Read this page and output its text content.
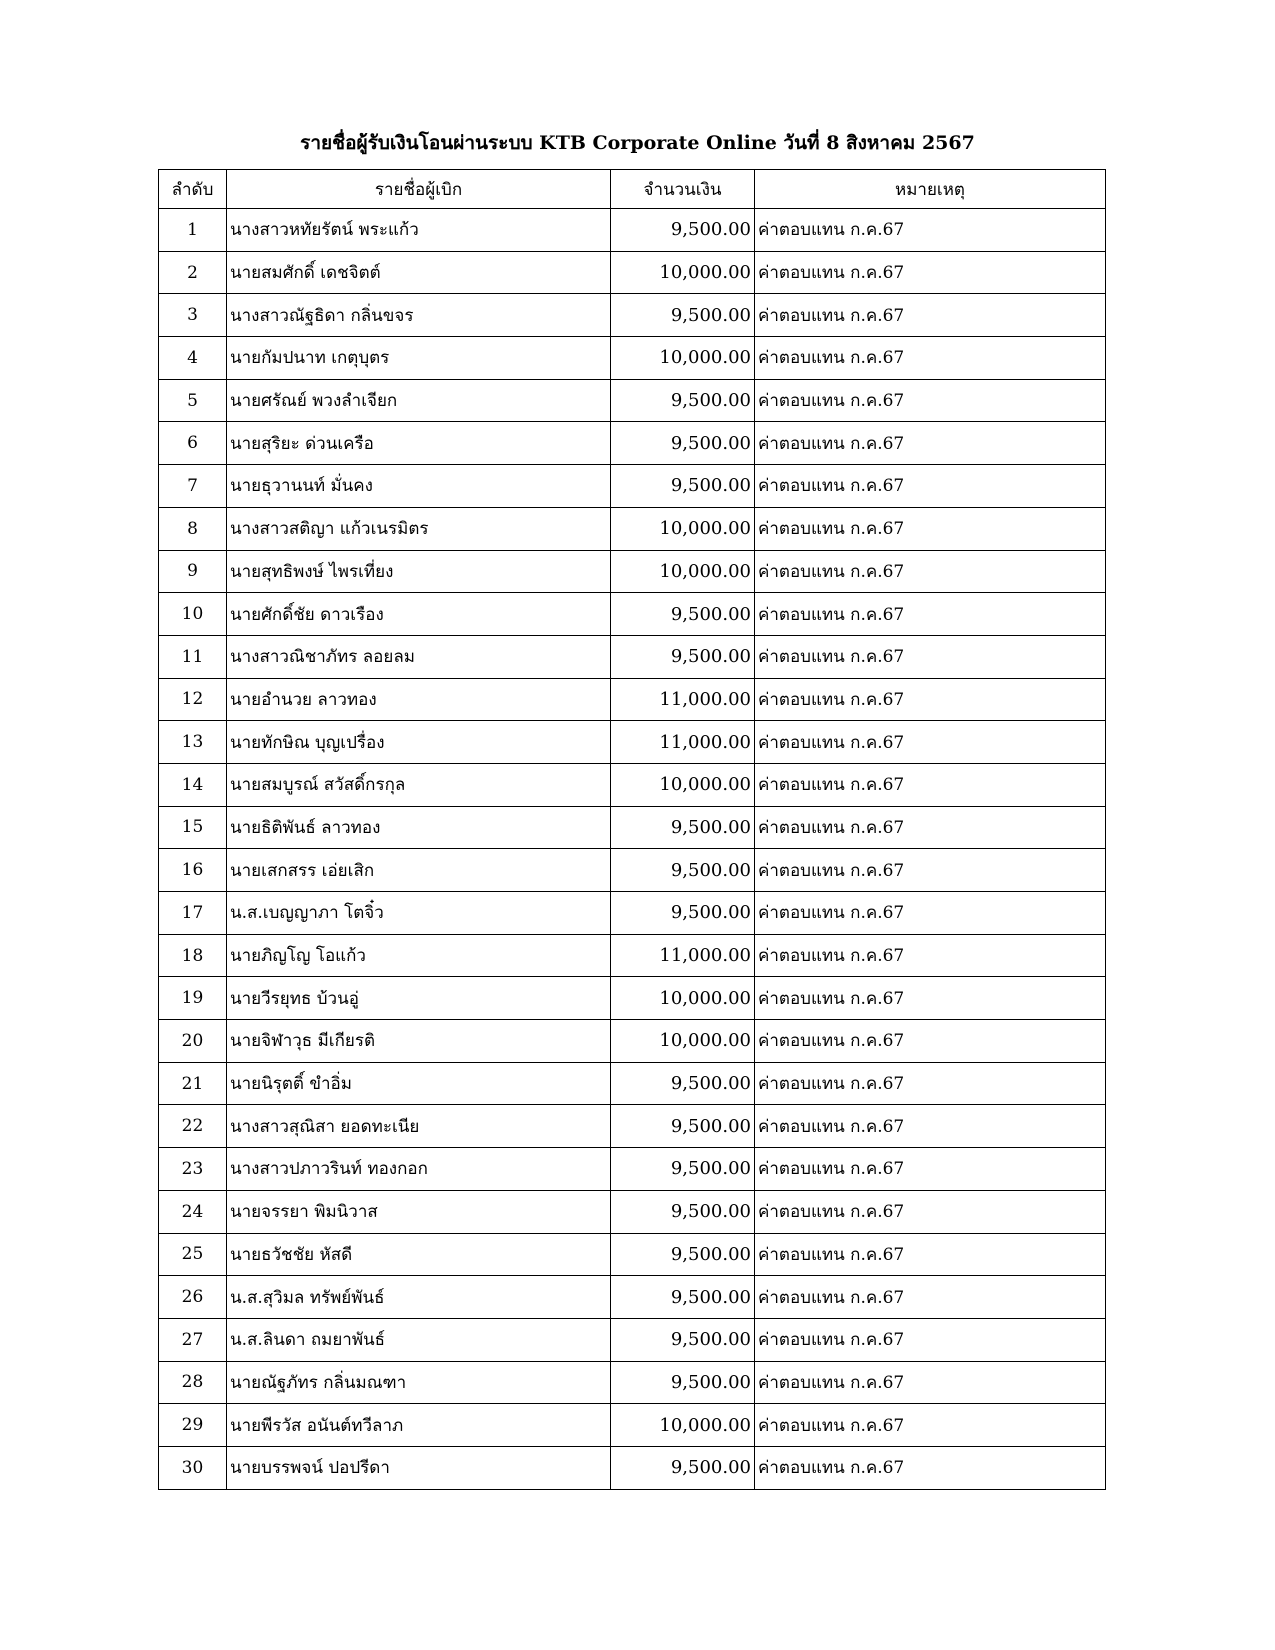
รายชื่อผู้รับเงินโอนผ่านระบบ KTB Corporate Online วันที่ 8 สิงหาคม 2567
ลำดับ	รายชื่อผู้เบิก	จำนวนเงิน	หมายเหตุ
1	นางสาวหทัยรัตน์ พระแก้ว	9,500.00	ค่าตอบแทน ก.ค.67
2	นายสมศักดิ์ เดชจิตต์	10,000.00	ค่าตอบแทน ก.ค.67
3	นางสาวณัฐธิดา กลิ่นขจร	9,500.00	ค่าตอบแทน ก.ค.67
4	นายกัมปนาท เกตุบุตร	10,000.00	ค่าตอบแทน ก.ค.67
5	นายศรัณย์ พวงลำเจียก	9,500.00	ค่าตอบแทน ก.ค.67
6	นายสุริยะ ด่วนเครือ	9,500.00	ค่าตอบแทน ก.ค.67
7	นายธุวานนท์ มั่นคง	9,500.00	ค่าตอบแทน ก.ค.67
8	นางสาวสติญา แก้วเนรมิตร	10,000.00	ค่าตอบแทน ก.ค.67
9	นายสุทธิพงษ์ ไพรเที่ยง	10,000.00	ค่าตอบแทน ก.ค.67
10	นายศักดิ์ชัย ดาวเรือง	9,500.00	ค่าตอบแทน ก.ค.67
11	นางสาวณิชาภัทร ลอยลม	9,500.00	ค่าตอบแทน ก.ค.67
12	นายอำนวย ลาวทอง	11,000.00	ค่าตอบแทน ก.ค.67
13	นายทักษิณ บุญเปรื่อง	11,000.00	ค่าตอบแทน ก.ค.67
14	นายสมบูรณ์ สวัสดิ์กรกุล	10,000.00	ค่าตอบแทน ก.ค.67
15	นายธิติพันธ์ ลาวทอง	9,500.00	ค่าตอบแทน ก.ค.67
16	นายเสกสรร เอ่ยเสิก	9,500.00	ค่าตอบแทน ก.ค.67
17	น.ส.เบญญาภา โตจิ๋ว	9,500.00	ค่าตอบแทน ก.ค.67
18	นายภิญโญ โอแก้ว	11,000.00	ค่าตอบแทน ก.ค.67
19	นายวีรยุทธ บ้วนอู่	10,000.00	ค่าตอบแทน ก.ค.67
20	นายจิฬาวุธ มีเกียรติ	10,000.00	ค่าตอบแทน ก.ค.67
21	นายนิรุตติ์ ขำอิ่ม	9,500.00	ค่าตอบแทน ก.ค.67
22	นางสาวสุณิสา ยอดทะเนีย	9,500.00	ค่าตอบแทน ก.ค.67
23	นางสาวปภาวรินท์ ทองกอก	9,500.00	ค่าตอบแทน ก.ค.67
24	นายจรรยา พิมนิวาส	9,500.00	ค่าตอบแทน ก.ค.67
25	นายธวัชชัย หัสดี	9,500.00	ค่าตอบแทน ก.ค.67
26	น.ส.สุวิมล ทรัพย์พันธ์	9,500.00	ค่าตอบแทน ก.ค.67
27	น.ส.ลินดา ถมยาพันธ์	9,500.00	ค่าตอบแทน ก.ค.67
28	นายณัฐภัทร กลิ่นมณฑา	9,500.00	ค่าตอบแทน ก.ค.67
29	นายพีรวัส อนันต์ทวีลาภ	10,000.00	ค่าตอบแทน ก.ค.67
30	นายบรรพจน์ ปอปรีดา	9,500.00	ค่าตอบแทน ก.ค.67
